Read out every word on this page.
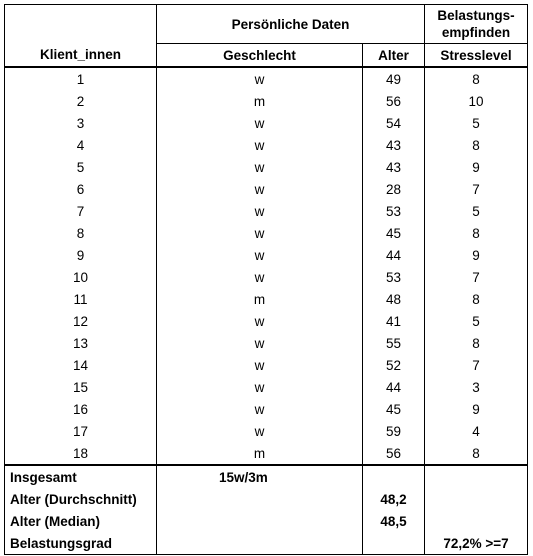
	Persönliche Daten		Belastungs-
empfinden

Klient_innen	Geschlecht	Alter	Stresslevel
1	w	49	8
2	m	56	10
3	w	54	5
4	w	43	8
5	w	43	9
6	w	28	7
7	w	53	5
8	w	45	8
9	w	44	9
10	w	53	7
11	m	48	8
12	w	41	5
13	w	55	8
14	w	52	7
15	w	44	3
16	w	45	9
17	w	59	4
18	m	56	8
Insgesamt	15w/3m		
Alter (Durchschnitt)		48,2	
Alter (Median)		48,5	
Belastungsgrad			72,2% >=7
